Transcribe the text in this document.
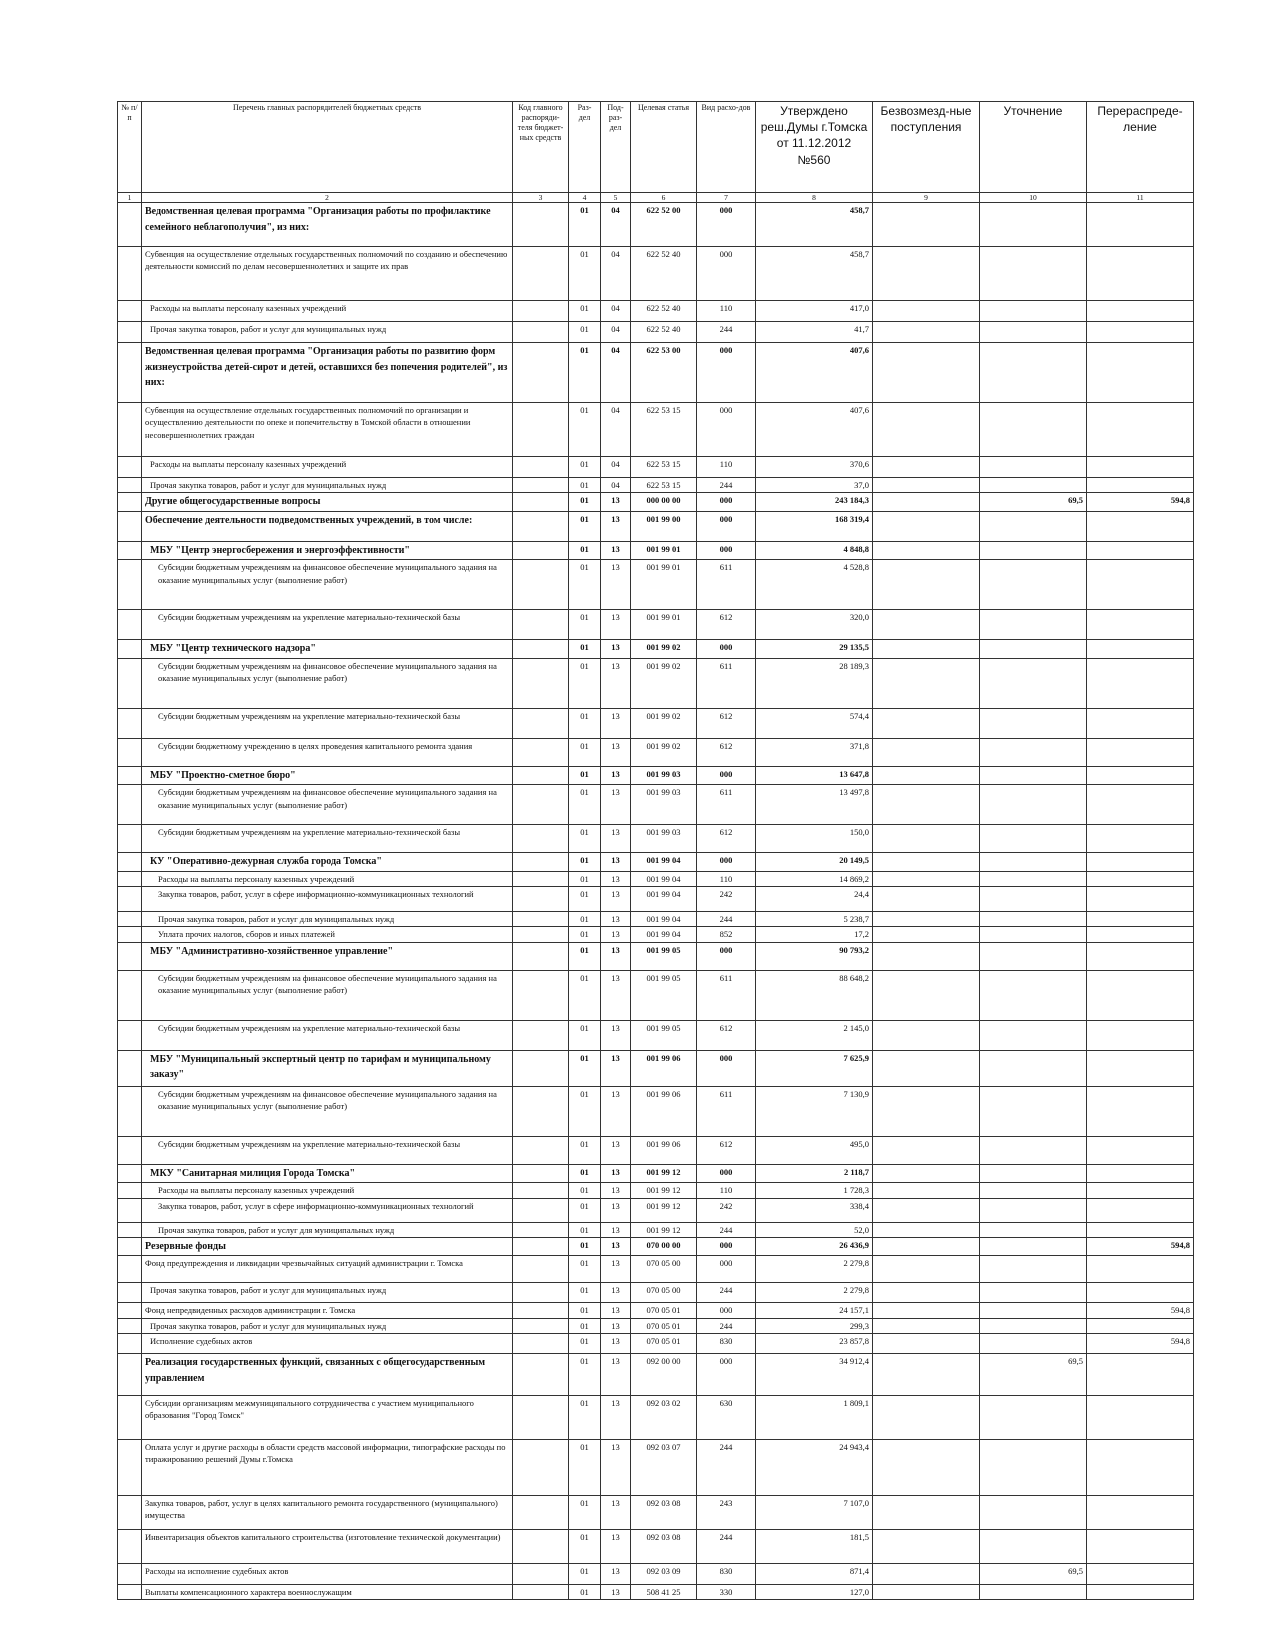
№ п/п	Перечень главных распорядителей бюджетных средств	Код главного распоряди-теля бюджет-ных средств	Раз-дел	Под-раз-дел	Целевая статья	Вид расхо-дов	Утверждено реш.Думы г.Томска от 11.12.2012 №560	Безвозмезд-ные поступления	Уточнение	Перераспреде-ление
1	2	3	4	5	6	7	8	9	10	11
	Ведомственная целевая программа "Организация работы по профилактике семейного неблагополучия", из них:		01	04	622 52 00	000	458,7			
	Субвенция на осуществление отдельных государственных полномочий по созданию и обеспечению деятельности комиссий по делам несовершеннолетних и защите их прав		01	04	622 52 40	000	458,7			
	Расходы на выплаты персоналу казенных учреждений		01	04	622 52 40	110	417,0			
	Прочая закупка товаров, работ и услуг для муниципальных нужд		01	04	622 52 40	244	41,7			
	Ведомственная целевая программа "Организация работы по развитию форм жизнеустройства детей-сирот и детей, оставшихся без попечения родителей", из них:		01	04	622 53 00	000	407,6			
	Субвенция на осуществление отдельных государственных полномочий по организации и осуществлению деятельности по опеке и попечительству в Томской области в отношении несовершеннолетних граждан		01	04	622 53 15	000	407,6			
	Расходы на выплаты персоналу казенных учреждений		01	04	622 53 15	110	370,6			
	Прочая закупка товаров, работ и услуг для муниципальных нужд		01	04	622 53 15	244	37,0			
	Другие общегосударственные вопросы		01	13	000 00 00	000	243 184,3		69,5	594,8
	Обеспечение деятельности подведомственных учреждений, в том числе:		01	13	001 99 00	000	168 319,4			
	МБУ "Центр энергосбережения и энергоэффективности"		01	13	001 99 01	000	4 848,8			
	Субсидии бюджетным учреждениям на финансовое обеспечение муниципального задания на оказание муниципальных услуг (выполнение работ)		01	13	001 99 01	611	4 528,8			
	Субсидии бюджетным учреждениям на укрепление материально-технической базы		01	13	001 99 01	612	320,0			
	МБУ "Центр технического надзора"		01	13	001 99 02	000	29 135,5			
	Субсидии бюджетным учреждениям на финансовое обеспечение муниципального задания на оказание муниципальных услуг (выполнение работ)		01	13	001 99 02	611	28 189,3			
	Субсидии бюджетным учреждениям на укрепление материально-технической базы		01	13	001 99 02	612	574,4			
	Субсидии бюджетному учреждению в целях проведения капитального ремонта здания		01	13	001 99 02	612	371,8			
	МБУ "Проектно-сметное бюро"		01	13	001 99 03	000	13 647,8			
	Субсидии бюджетным учреждениям на финансовое обеспечение муниципального задания на оказание муниципальных услуг (выполнение работ)		01	13	001 99 03	611	13 497,8			
	Субсидии бюджетным учреждениям на укрепление материально-технической базы		01	13	001 99 03	612	150,0			
	КУ "Оперативно-дежурная служба города Томска"		01	13	001 99 04	000	20 149,5			
	Расходы на выплаты персоналу казенных учреждений		01	13	001 99 04	110	14 869,2			
	Закупка товаров, работ, услуг в сфере информационно-коммуникационных технологий		01	13	001 99 04	242	24,4			
	Прочая закупка товаров, работ и услуг для муниципальных нужд		01	13	001 99 04	244	5 238,7			
	Уплата прочих налогов, сборов и иных платежей		01	13	001 99 04	852	17,2			
	МБУ "Административно-хозяйственное управление"		01	13	001 99 05	000	90 793,2			
	Субсидии бюджетным учреждениям на финансовое обеспечение муниципального задания на оказание муниципальных услуг (выполнение работ)		01	13	001 99 05	611	88 648,2			
	Субсидии бюджетным учреждениям на укрепление материально-технической базы		01	13	001 99 05	612	2 145,0			
	МБУ "Муниципальный экспертный центр по тарифам и муниципальному заказу"		01	13	001 99 06	000	7 625,9			
	Субсидии бюджетным учреждениям на финансовое обеспечение муниципального задания на оказание муниципальных услуг (выполнение работ)		01	13	001 99 06	611	7 130,9			
	Субсидии бюджетным учреждениям на укрепление материально-технической базы		01	13	001 99 06	612	495,0			
	МКУ "Санитарная милиция Города Томска"		01	13	001 99 12	000	2 118,7			
	Расходы на выплаты персоналу казенных учреждений		01	13	001 99 12	110	1 728,3			
	Закупка товаров, работ, услуг в сфере информационно-коммуникационных технологий		01	13	001 99 12	242	338,4			
	Прочая закупка товаров, работ и услуг для муниципальных нужд		01	13	001 99 12	244	52,0			
	Резервные фонды		01	13	070 00 00	000	26 436,9			594,8
	Фонд предупреждения и ликвидации чрезвычайных ситуаций администрации г. Томска		01	13	070 05 00	000	2 279,8			
	Прочая закупка товаров, работ и услуг для муниципальных нужд		01	13	070 05 00	244	2 279,8			
	Фонд непредвиденных расходов администрации г. Томска		01	13	070 05 01	000	24 157,1			594,8
	Прочая закупка товаров, работ и услуг для муниципальных нужд		01	13	070 05 01	244	299,3			
	Исполнение судебных актов		01	13	070 05 01	830	23 857,8			594,8
	Реализация государственных функций, связанных с общегосударственным управлением		01	13	092 00 00	000	34 912,4		69,5	
	Субсидии организациям межмуниципального сотрудничества с участием муниципального образования "Город Томск"		01	13	092 03 02	630	1 809,1			
	Оплата услуг и другие расходы в области средств массовой информации, типографские расходы по тиражированию решений Думы г.Томска		01	13	092 03 07	244	24 943,4			
	Закупка товаров, работ, услуг в целях капитального ремонта государственного (муниципального) имущества		01	13	092 03 08	243	7 107,0			
	Инвентаризация объектов капитального строительства (изготовление технической документации)		01	13	092 03 08	244	181,5			
	Расходы на исполнение судебных актов		01	13	092 03 09	830	871,4		69,5	
	Выплаты компенсационного характера военнослужащим		01	13	508 41 25	330	127,0			
